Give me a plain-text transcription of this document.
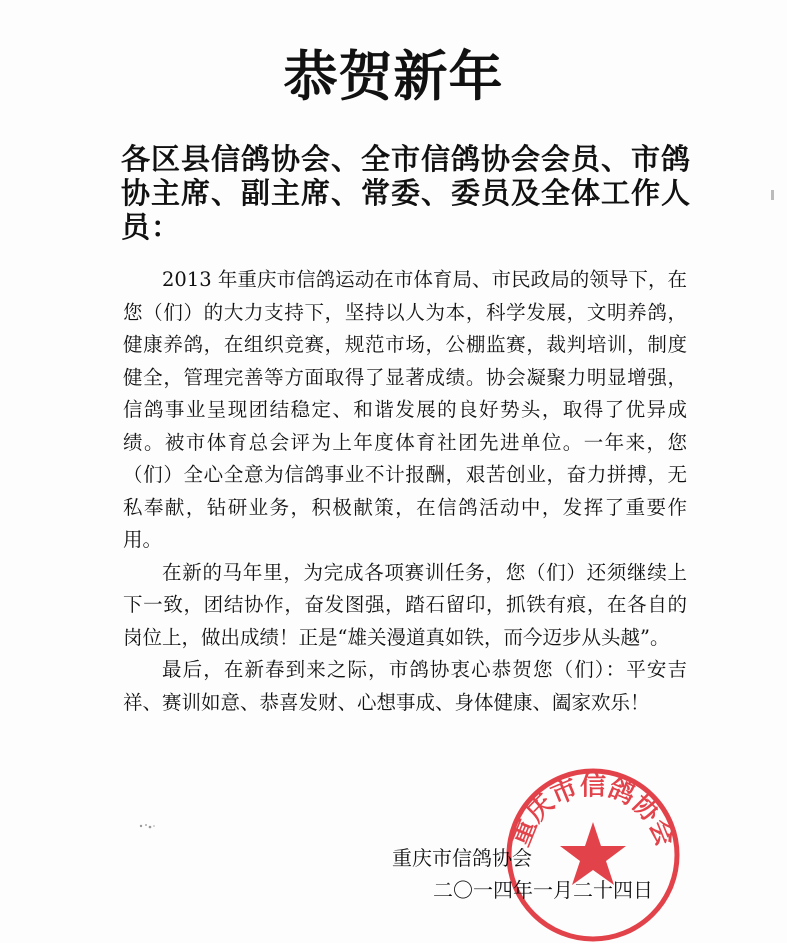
恭贺新年
各区县信鸽协会、全市信鸽协会会员、市鸽协主席、副主席、常委、委员及全体工作人员：

2013 年重庆市信鸽运动在市体育局、市民政局的领导下，在您（们）的大力支持下，坚持以人为本，科学发展，文明养鸽，健康养鸽，在组织竞赛，规范市场，公棚监赛，裁判培训，制度健全，管理完善等方面取得了显著成绩。协会凝聚力明显增强，信鸽事业呈现团结稳定、和谐发展的良好势头，取得了优异成绩。被市体育总会评为上年度体育社团先进单位。一年来，您（们）全心全意为信鸽事业不计报酬，艰苦创业，奋力拼搏，无私奉献，钻研业务，积极献策，在信鸽活动中，发挥了重要作用。

在新的马年里，为完成各项赛训任务，您（们）还须继续上下一致，团结协作，奋发图强，踏石留印，抓铁有痕，在各自的岗位上，做出成绩！正是“雄关漫道真如铁，而今迈步从头越”。

最后，在新春到来之际，市鸽协衷心恭贺您（们）：平安吉祥、赛训如意、恭喜发财、心想事成、身体健康、阖家欢乐！

重庆市信鸽协会
二〇一四年一月二十四日
重庆市信鸽协会
